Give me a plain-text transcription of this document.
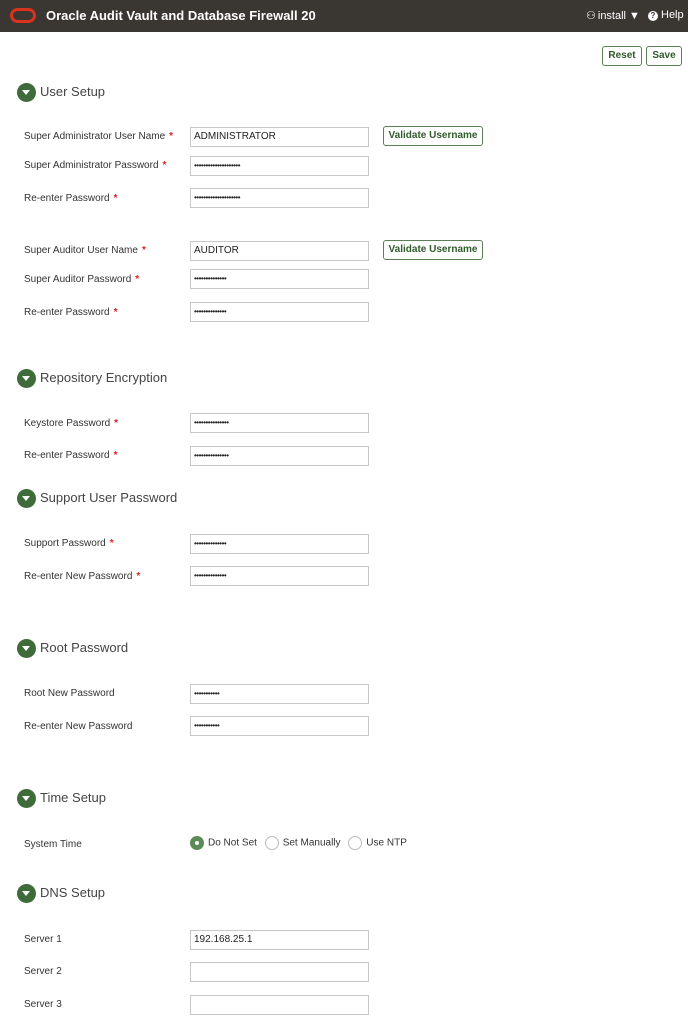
Oracle Audit Vault and Database Firewall 20	⚇ install ▼	? Help
Reset	Save
User Setup
Super Administrator User Name *	ADMINISTRATOR	Validate Username
Super Administrator Password *	••••••••••••••••••••
Re-enter Password *	••••••••••••••••••••
Super Auditor User Name *	AUDITOR	Validate Username
Super Auditor Password *	••••••••••••••
Re-enter Password *	••••••••••••••
Repository Encryption
Keystore Password *	•••••••••••••••
Re-enter Password *	•••••••••••••••
Support User Password
Support Password *	••••••••••••••
Re-enter New Password *	••••••••••••••
Root Password
Root New Password	•••••••••••
Re-enter New Password	•••••••••••
Time Setup
System Time	Do Not Set	Set Manually	Use NTP
DNS Setup
Server 1	192.168.25.1
Server 2
Server 3
